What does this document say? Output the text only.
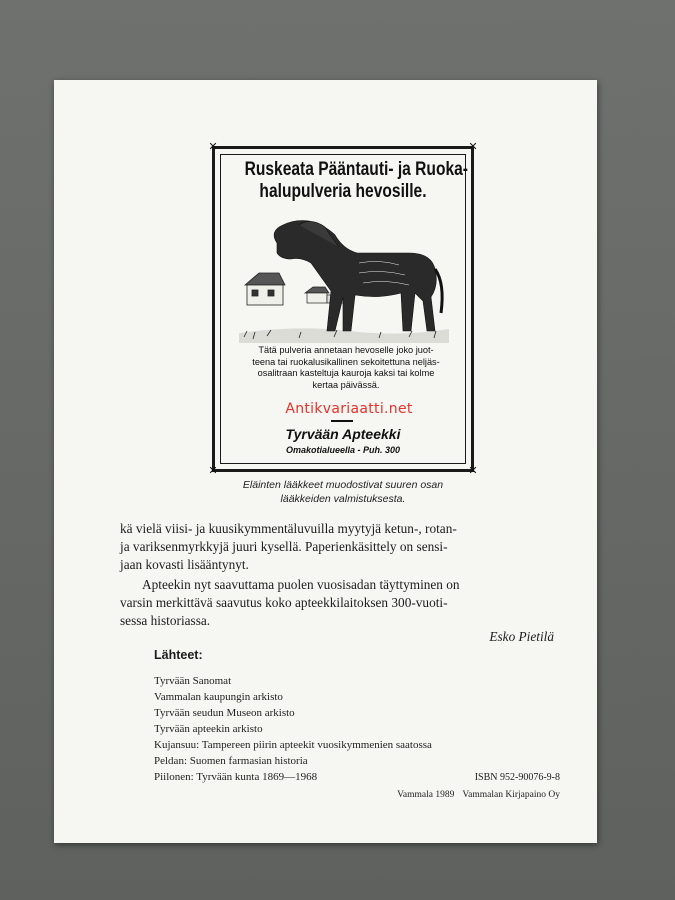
✕	✕
✕	✕
Ruskeata Pääntauti- ja Ruoka-
halupulveria hevosille.
Tätä pulveria annetaan hevoselle joko juot-
teena tai ruokalusikallinen sekoitettuna neljäs-
osalitraan kasteltuja kauroja kaksi tai kolme
kertaa päivässä.
Antikvariaatti.net
Tyrvään Apteekki
Omakotialueella - Puh. 300
Eläinten lääkkeet muodostivat suuren osan
lääkkeiden valmistuksesta.

kä vielä viisi- ja kuusikymmentäluvuilla myytyjä ketun-, rotan-
ja variksenmyrkkyjä juuri kysellä. Paperienkäsittely on sensi-
jaan kovasti lisääntynyt.

Apteekin nyt saavuttama puolen vuosisadan täyttyminen on
varsin merkittävä saavutus koko apteekkilaitoksen 300-vuoti-
sessa historiassa.

Esko Pietilä
Lähteet:
Tyrvään Sanomat
Vammalan kaupungin arkisto
Tyrvään seudun Museon arkisto
Tyrvään apteekin arkisto
Kujansuu: Tampereen piirin apteekit vuosikymmenien saatossa
Peldan: Suomen farmasian historia
Piilonen: Tyrvään kunta 1869—1968	ISBN 952-90076-9-8
Vammala 1989 Vammalan Kirjapaino Oy
